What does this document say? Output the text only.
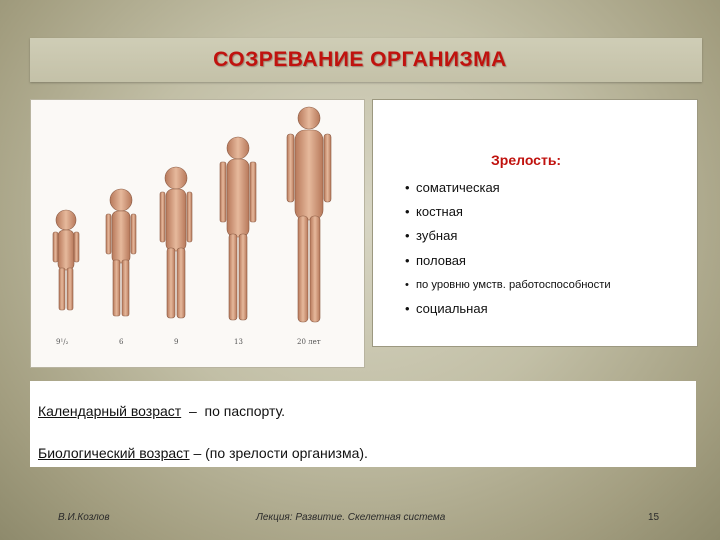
СОЗРЕВАНИЕ ОРГАНИЗМА
9¹/₂	6	9	13	20 лет
Зрелость:
• соматическая
• костная
• зубная
• половая
• по уровню умств. работоспособности
• социальная
Календарный возраст  –  по паспорту.
Биологический возраст – (по зрелости организма).
В.И.Козлов	Лекция: Развитие. Скелетная система	15
